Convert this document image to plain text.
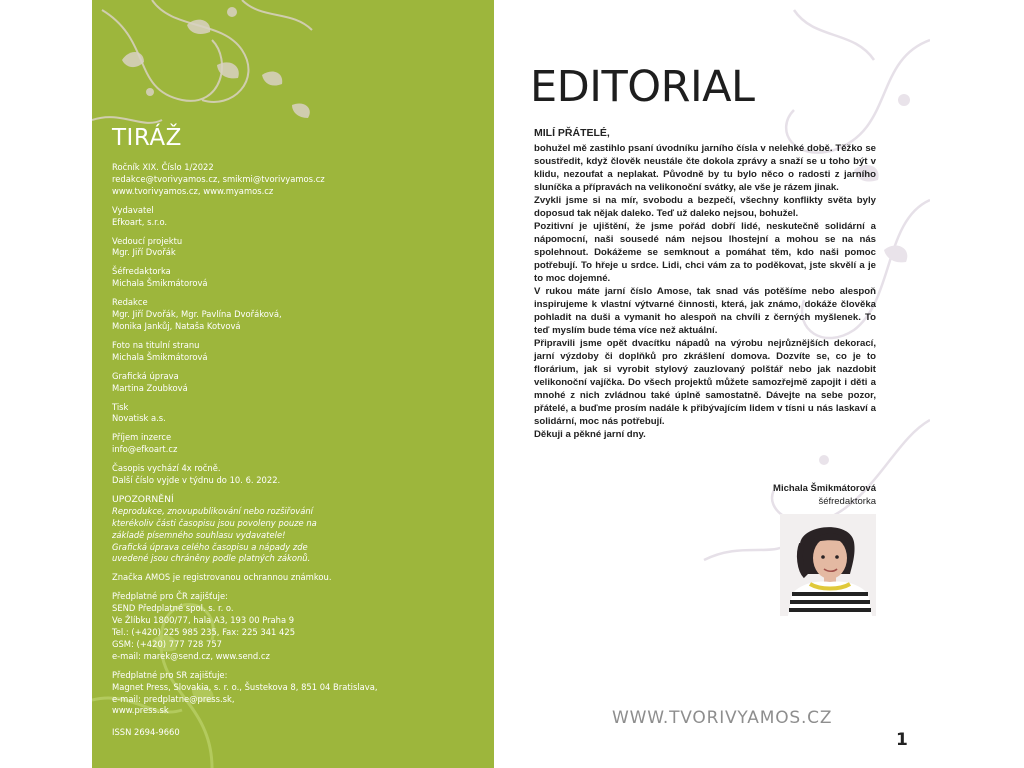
TIRÁŽ
Ročník XIX. Číslo 1/2022
redakce@tvorivyamos.cz, smikmi@tvorivyamos.cz
www.tvorivyamos.cz, www.myamos.cz
Vydavatel
Efkoart, s.r.o.
Vedoucí projektu
Mgr. Jiří Dvořák
Šéfredaktorka
Michala Šmikmátorová
Redakce
Mgr. Jiří Dvořák, Mgr. Pavlína Dvořáková,
Monika Jankůj, Nataša Kotvová
Foto na titulní stranu
Michala Šmikmátorová
Grafická úprava
Martina Zoubková
Tisk
Novatisk a.s.
Příjem inzerce
info@efkoart.cz
Časopis vychází 4x ročně.
Další číslo vyjde v týdnu do 10. 6. 2022.
UPOZORNĚNÍ
Reprodukce, znovupublikování nebo rozšiřování
kterékoliv části časopisu jsou povoleny pouze na
základě písemného souhlasu vydavatele!
Grafická úprava celého časopisu a nápady zde
uvedené jsou chráněny podle platných zákonů.
Značka AMOS je registrovanou ochrannou známkou.
Předplatné pro ČR zajišťuje:
SEND Předplatné spol. s. r. o.
Ve Žlíbku 1800/77, hala A3, 193 00 Praha 9
Tel.: (+420) 225 985 235, Fax: 225 341 425
GSM: (+420) 777 728 757
e-mail: marek@send.cz, www.send.cz
Předplatné pro SR zajišťuje:
Magnet Press, Slovakia, s. r. o., Šustekova 8, 851 04 Bratislava,
e-mail: predplatne@press.sk,
www.press.sk
ISSN 2694-9660
EDITORIAL

MILÍ PŘÁTELÉ,

bohužel mě zastihlo psaní úvodníku jarního čísla v nelehké době. Těžko se soustředit, když člověk neustále čte dokola zprávy a snaží se u toho být v klidu, nezoufat a neplakat. Původně by tu bylo něco o radosti z jarního sluníčka a přípravách na velikonoční svátky, ale vše je rázem jinak.

Zvykli jsme si na mír, svobodu a bezpečí, všechny konflikty světa byly doposud tak nějak daleko. Teď už daleko nejsou, bohužel.

Pozitivní je ujištění, že jsme pořád dobří lidé, neskutečně solidární a nápomocní, naši sousedé nám nejsou lhostejní a mohou se na nás spolehnout. Dokážeme se semknout a pomáhat těm, kdo naši pomoc potřebují. To hřeje u srdce. Lidi, chci vám za to poděkovat, jste skvělí a je to moc dojemné.

V rukou máte jarní číslo Amose, tak snad vás potěšíme nebo alespoň inspirujeme k vlastní výtvarné činnosti, která, jak známo, dokáže člověka pohladit na duši a vymanit ho alespoň na chvíli z černých myšlenek. To teď myslím bude téma více než aktuální.

Připravili jsme opět dvacítku nápadů na výrobu nejrůznějších dekorací, jarní výzdoby či doplňků pro zkrášlení domova. Dozvíte se, co je to florárium, jak si vyrobit stylový zauzlovaný polštář nebo jak nazdobit velikonoční vajíčka. Do všech projektů můžete samozřejmě zapojit i děti a mnohé z nich zvládnou také úplně samostatně. Dávejte na sebe pozor, přátelé, a buďme prosím nadále k přibývajícím lidem v tísni u nás laskaví a solidární, moc nás potřebují.

Děkuji a pěkné jarní dny.

Michala Šmikmátorová
šéfredaktorka
WWW.TVORIVYAMOS.CZ
1
